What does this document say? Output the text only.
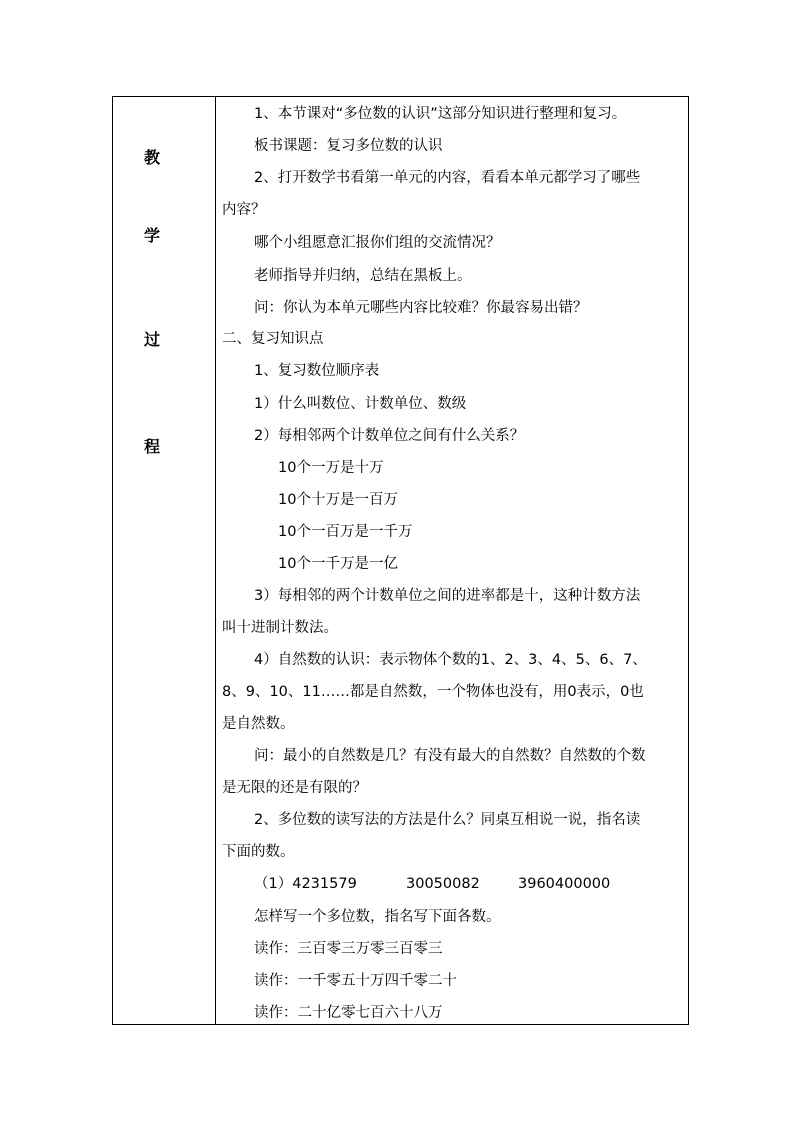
教
学
过
程
1、本节课对“多位数的认识”这部分知识进行整理和复习。
板书课题：复习多位数的认识
2、打开数学书看第一单元的内容，看看本单元都学习了哪些
内容？
哪个小组愿意汇报你们组的交流情况？
老师指导并归纳，总结在黑板上。
问：你认为本单元哪些内容比较难？你最容易出错？
二、复习知识点
1、复习数位顺序表
1）什么叫数位、计数单位、数级
2）每相邻两个计数单位之间有什么关系？
10个一万是十万
10个十万是一百万
10个一百万是一千万
10个一千万是一亿
3）每相邻的两个计数单位之间的进率都是十，这种计数方法
叫十进制计数法。
4）自然数的认识：表示物体个数的1、2、3、4、5、6、7、
8、9、10、11……都是自然数，一个物体也没有，用0表示，0也
是自然数。
问：最小的自然数是几？有没有最大的自然数？自然数的个数
是无限的还是有限的？
2、多位数的读写法的方法是什么？同桌互相说一说，指名读
下面的数。
（1）4231579	30050082	3960400000
怎样写一个多位数，指名写下面各数。
读作：三百零三万零三百零三
读作：一千零五十万四千零二十
读作：二十亿零七百六十八万
